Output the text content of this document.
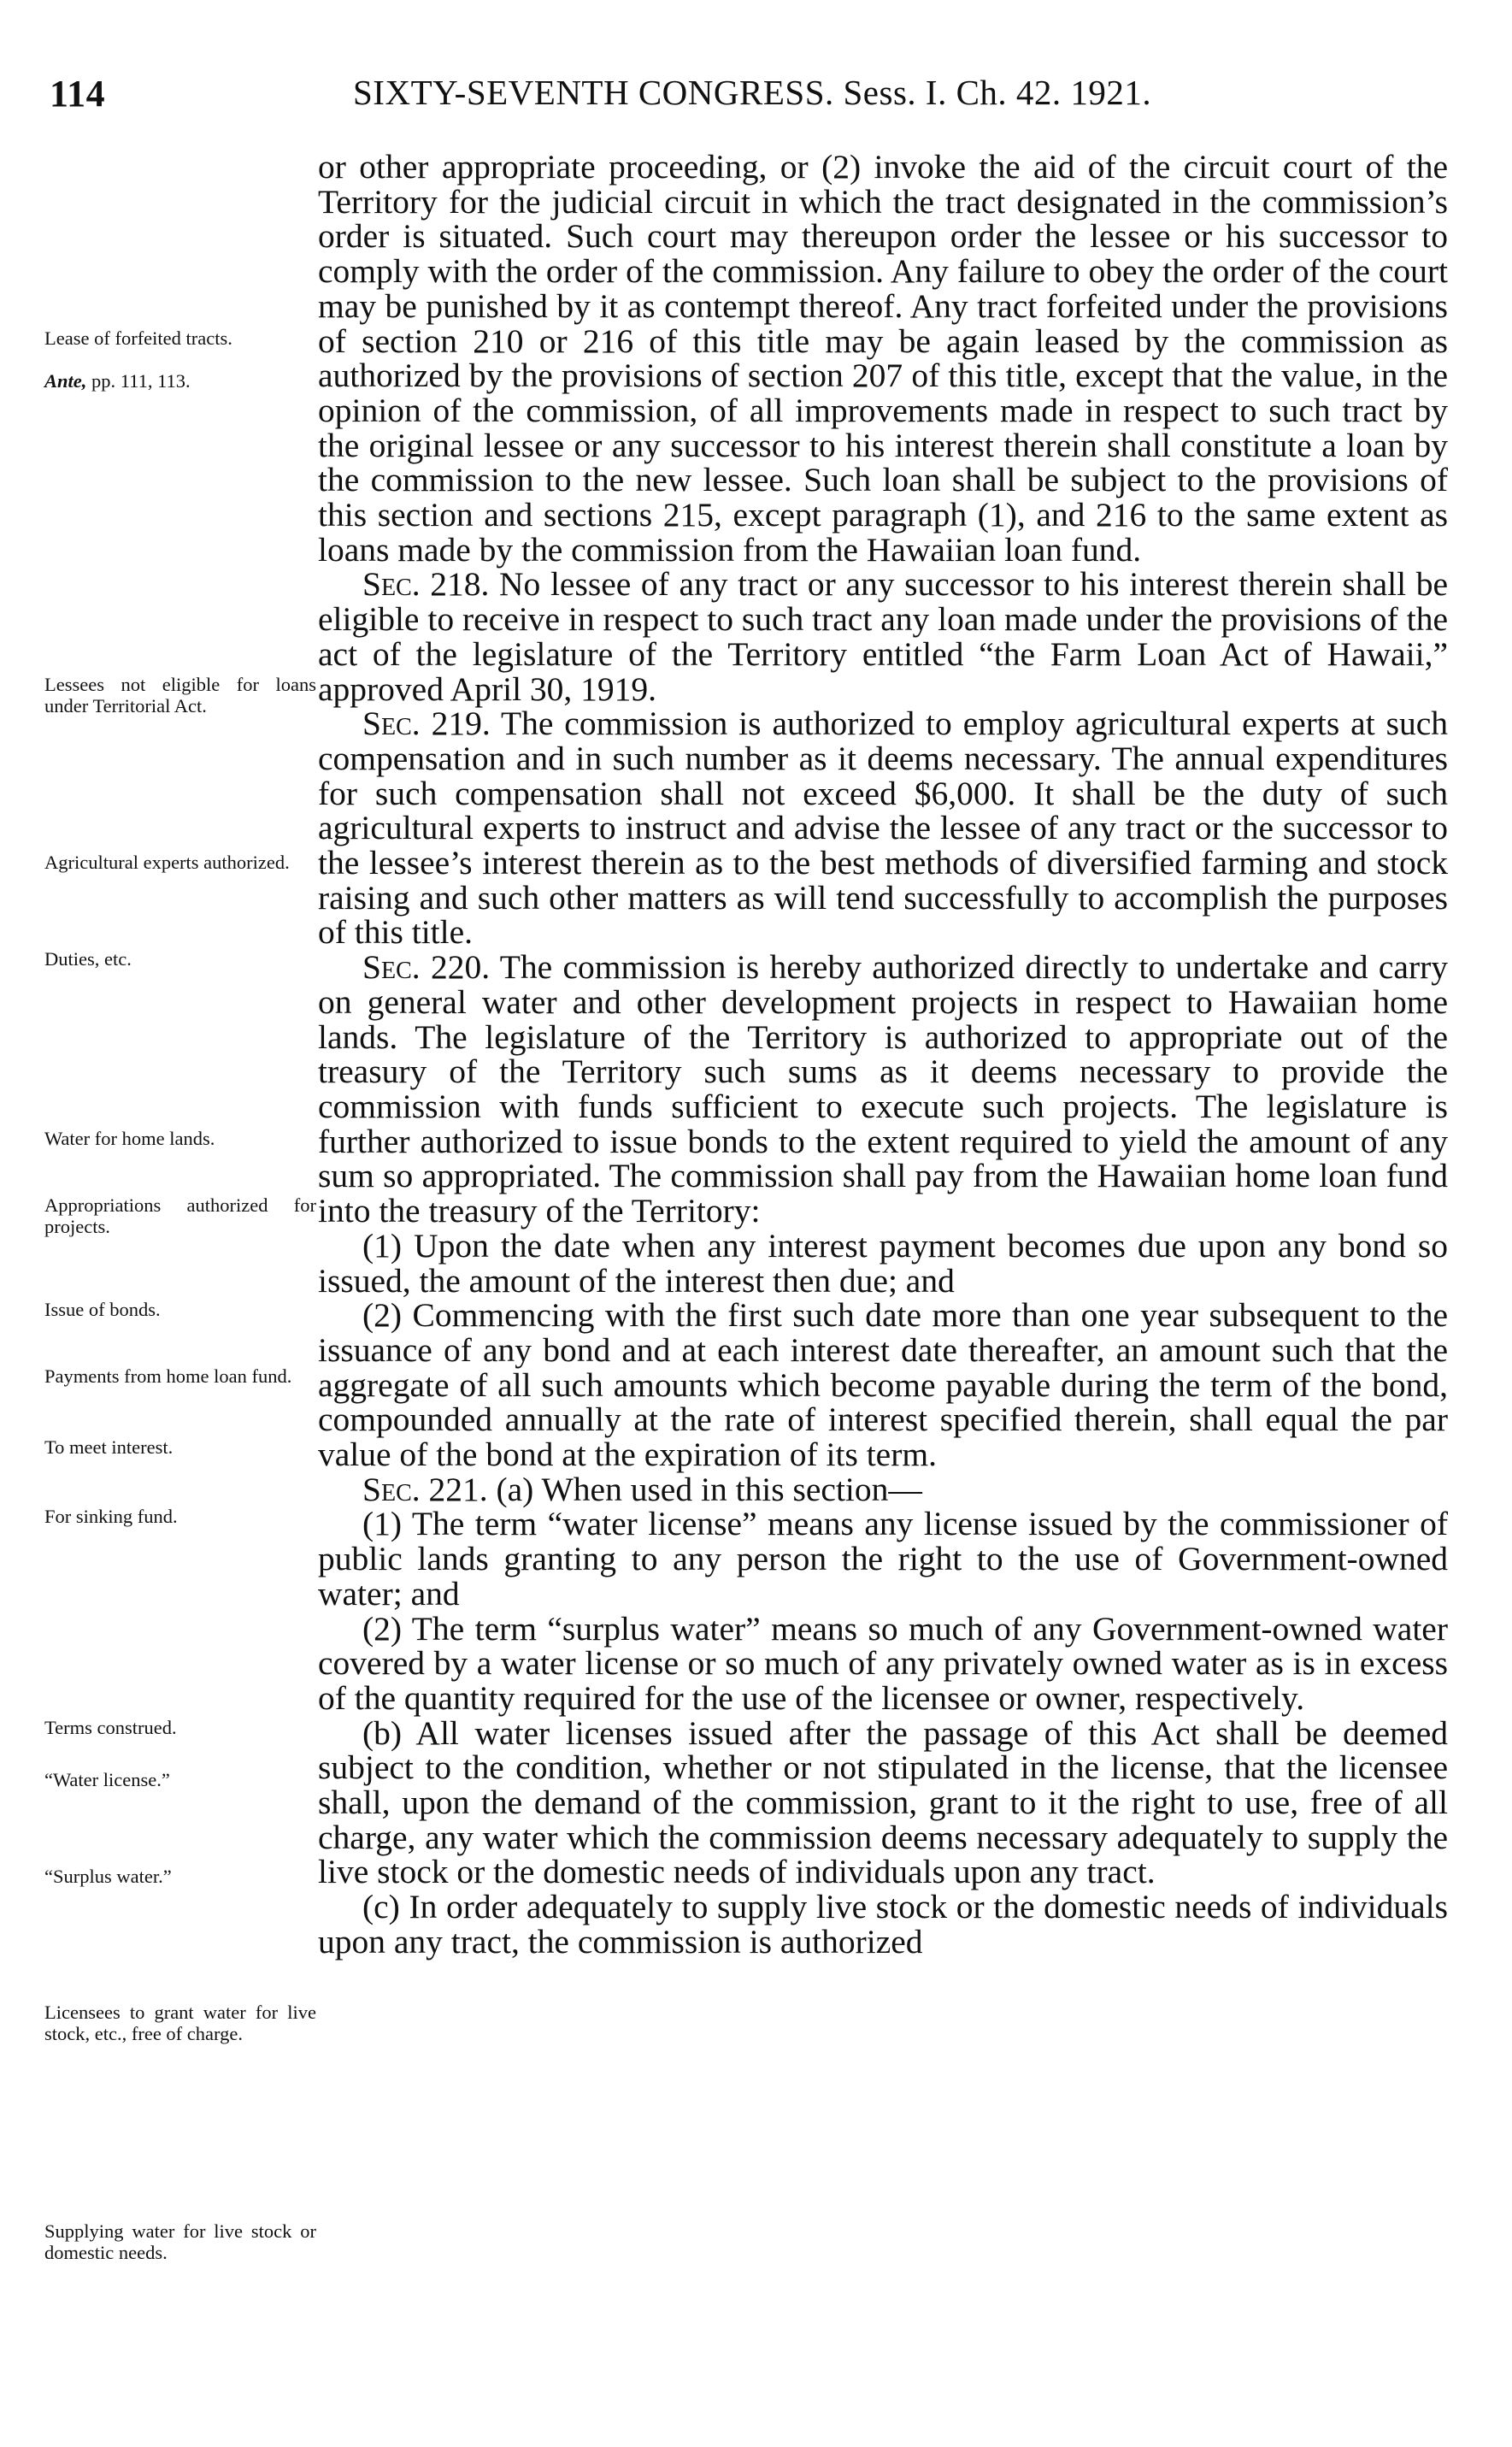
114	SIXTY-SEVENTH CONGRESS. Sess. I. Ch. 42. 1921.
Lease of forfeited tracts.
Ante, pp. 111, 113.
Lessees not eligible for loans under Territorial Act.
Agricultural experts authorized.
Duties, etc.
Water for home lands.
Appropriations authorized for projects.
Issue of bonds.
Payments from home loan fund.
To meet interest.
For sinking fund.
Terms construed.
“Water license.”
“Surplus water.”
Licensees to grant water for live stock, etc., free of charge.
Supplying water for live stock or domestic needs.

or other appropriate proceeding, or (2) invoke the aid of the circuit court of the Territory for the judicial circuit in which the tract designated in the commission’s order is situated. Such court may thereupon order the lessee or his successor to comply with the order of the commission. Any failure to obey the order of the court may be punished by it as contempt thereof. Any tract forfeited under the provisions of section 210 or 216 of this title may be again leased by the commission as authorized by the provisions of section 207 of this title, except that the value, in the opinion of the commission, of all improvements made in respect to such tract by the original lessee or any successor to his interest therein shall constitute a loan by the commission to the new lessee. Such loan shall be subject to the provisions of this section and sections 215, except paragraph (1), and 216 to the same extent as loans made by the commission from the Hawaiian loan fund.

Sec. 218. No lessee of any tract or any successor to his interest therein shall be eligible to receive in respect to such tract any loan made under the provisions of the act of the legislature of the Territory entitled “the Farm Loan Act of Hawaii,” approved April 30, 1919.

Sec. 219. The commission is authorized to employ agricultural experts at such compensation and in such number as it deems necessary. The annual expenditures for such compensation shall not exceed $6,000. It shall be the duty of such agricultural experts to instruct and advise the lessee of any tract or the successor to the lessee’s interest therein as to the best methods of diversified farming and stock raising and such other matters as will tend successfully to accomplish the purposes of this title.

Sec. 220. The commission is hereby authorized directly to undertake and carry on general water and other development projects in respect to Hawaiian home lands. The legislature of the Territory is authorized to appropriate out of the treasury of the Territory such sums as it deems necessary to provide the commission with funds sufficient to execute such projects. The legislature is further authorized to issue bonds to the extent required to yield the amount of any sum so appropriated. The commission shall pay from the Hawaiian home loan fund into the treasury of the Territory:

(1) Upon the date when any interest payment becomes due upon any bond so issued, the amount of the interest then due; and

(2) Commencing with the first such date more than one year subsequent to the issuance of any bond and at each interest date thereafter, an amount such that the aggregate of all such amounts which become payable during the term of the bond, compounded annually at the rate of interest specified therein, shall equal the par value of the bond at the expiration of its term.

Sec. 221. (a) When used in this section—

(1) The term “water license” means any license issued by the commissioner of public lands granting to any person the right to the use of Government-owned water; and

(2) The term “surplus water” means so much of any Government-owned water covered by a water license or so much of any privately owned water as is in excess of the quantity required for the use of the licensee or owner, respectively.

(b) All water licenses issued after the passage of this Act shall be deemed subject to the condition, whether or not stipulated in the license, that the licensee shall, upon the demand of the commission, grant to it the right to use, free of all charge, any water which the commission deems necessary adequately to supply the live stock or the domestic needs of individuals upon any tract.

(c) In order adequately to supply live stock or the domestic needs of individuals upon any tract, the commission is authorized
